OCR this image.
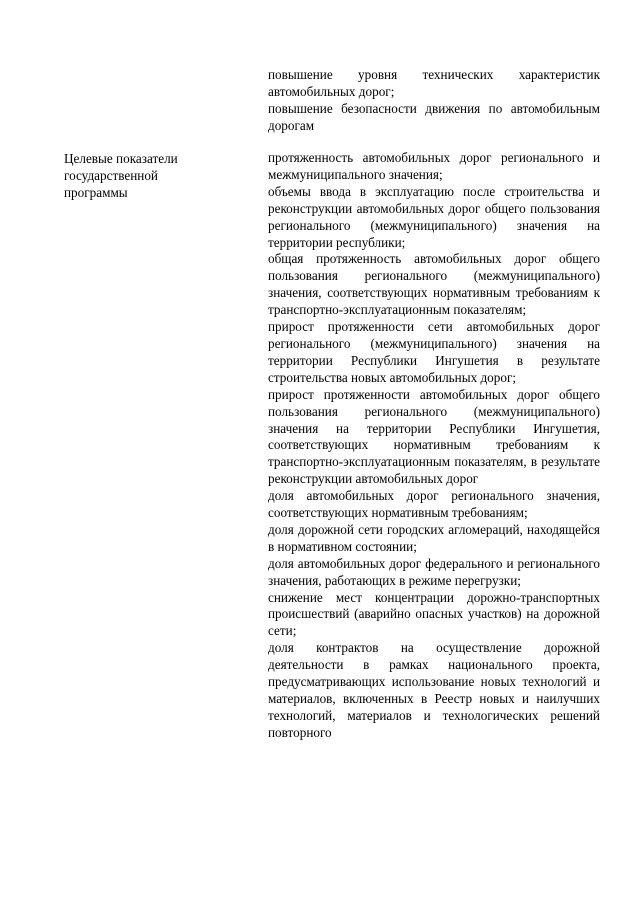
повышение уровня технических характеристик автомобильных дорог;
повышение безопасности движения по автомобильным дорогам
Целевые показатели
государственной
программы
протяженность автомобильных дорог регионального и межмуниципального значения;
объемы ввода в эксплуатацию после строительства и реконструкции автомобильных дорог общего пользования регионального (межмуниципального) значения на территории республики;
общая протяженность автомобильных дорог общего пользования регионального (межмуниципального) значения, соответствующих нормативным требованиям к транспортно-эксплуатационным показателям;
прирост протяженности сети автомобильных дорог регионального (межмуниципального) значения на территории Республики Ингушетия в результате строительства новых автомобильных дорог;
прирост протяженности автомобильных дорог общего пользования регионального (межмуниципального) значения на территории Республики Ингушетия, соответствующих нормативным требованиям к транспортно-эксплуатационным показателям, в результате реконструкции автомобильных дорог
доля автомобильных дорог регионального значения, соответствующих нормативным требованиям;
доля дорожной сети городских агломераций, находящейся в нормативном состоянии;
доля автомобильных дорог федерального и регионального значения, работающих в режиме перегрузки;
снижение мест концентрации дорожно-транспортных происшествий (аварийно опасных участков) на дорожной сети;
доля контрактов на осуществление дорожной деятельности в рамках национального проекта, предусматривающих использование новых технологий и материалов, включенных в Реестр новых и наилучших технологий, материалов и технологических решений повторного
